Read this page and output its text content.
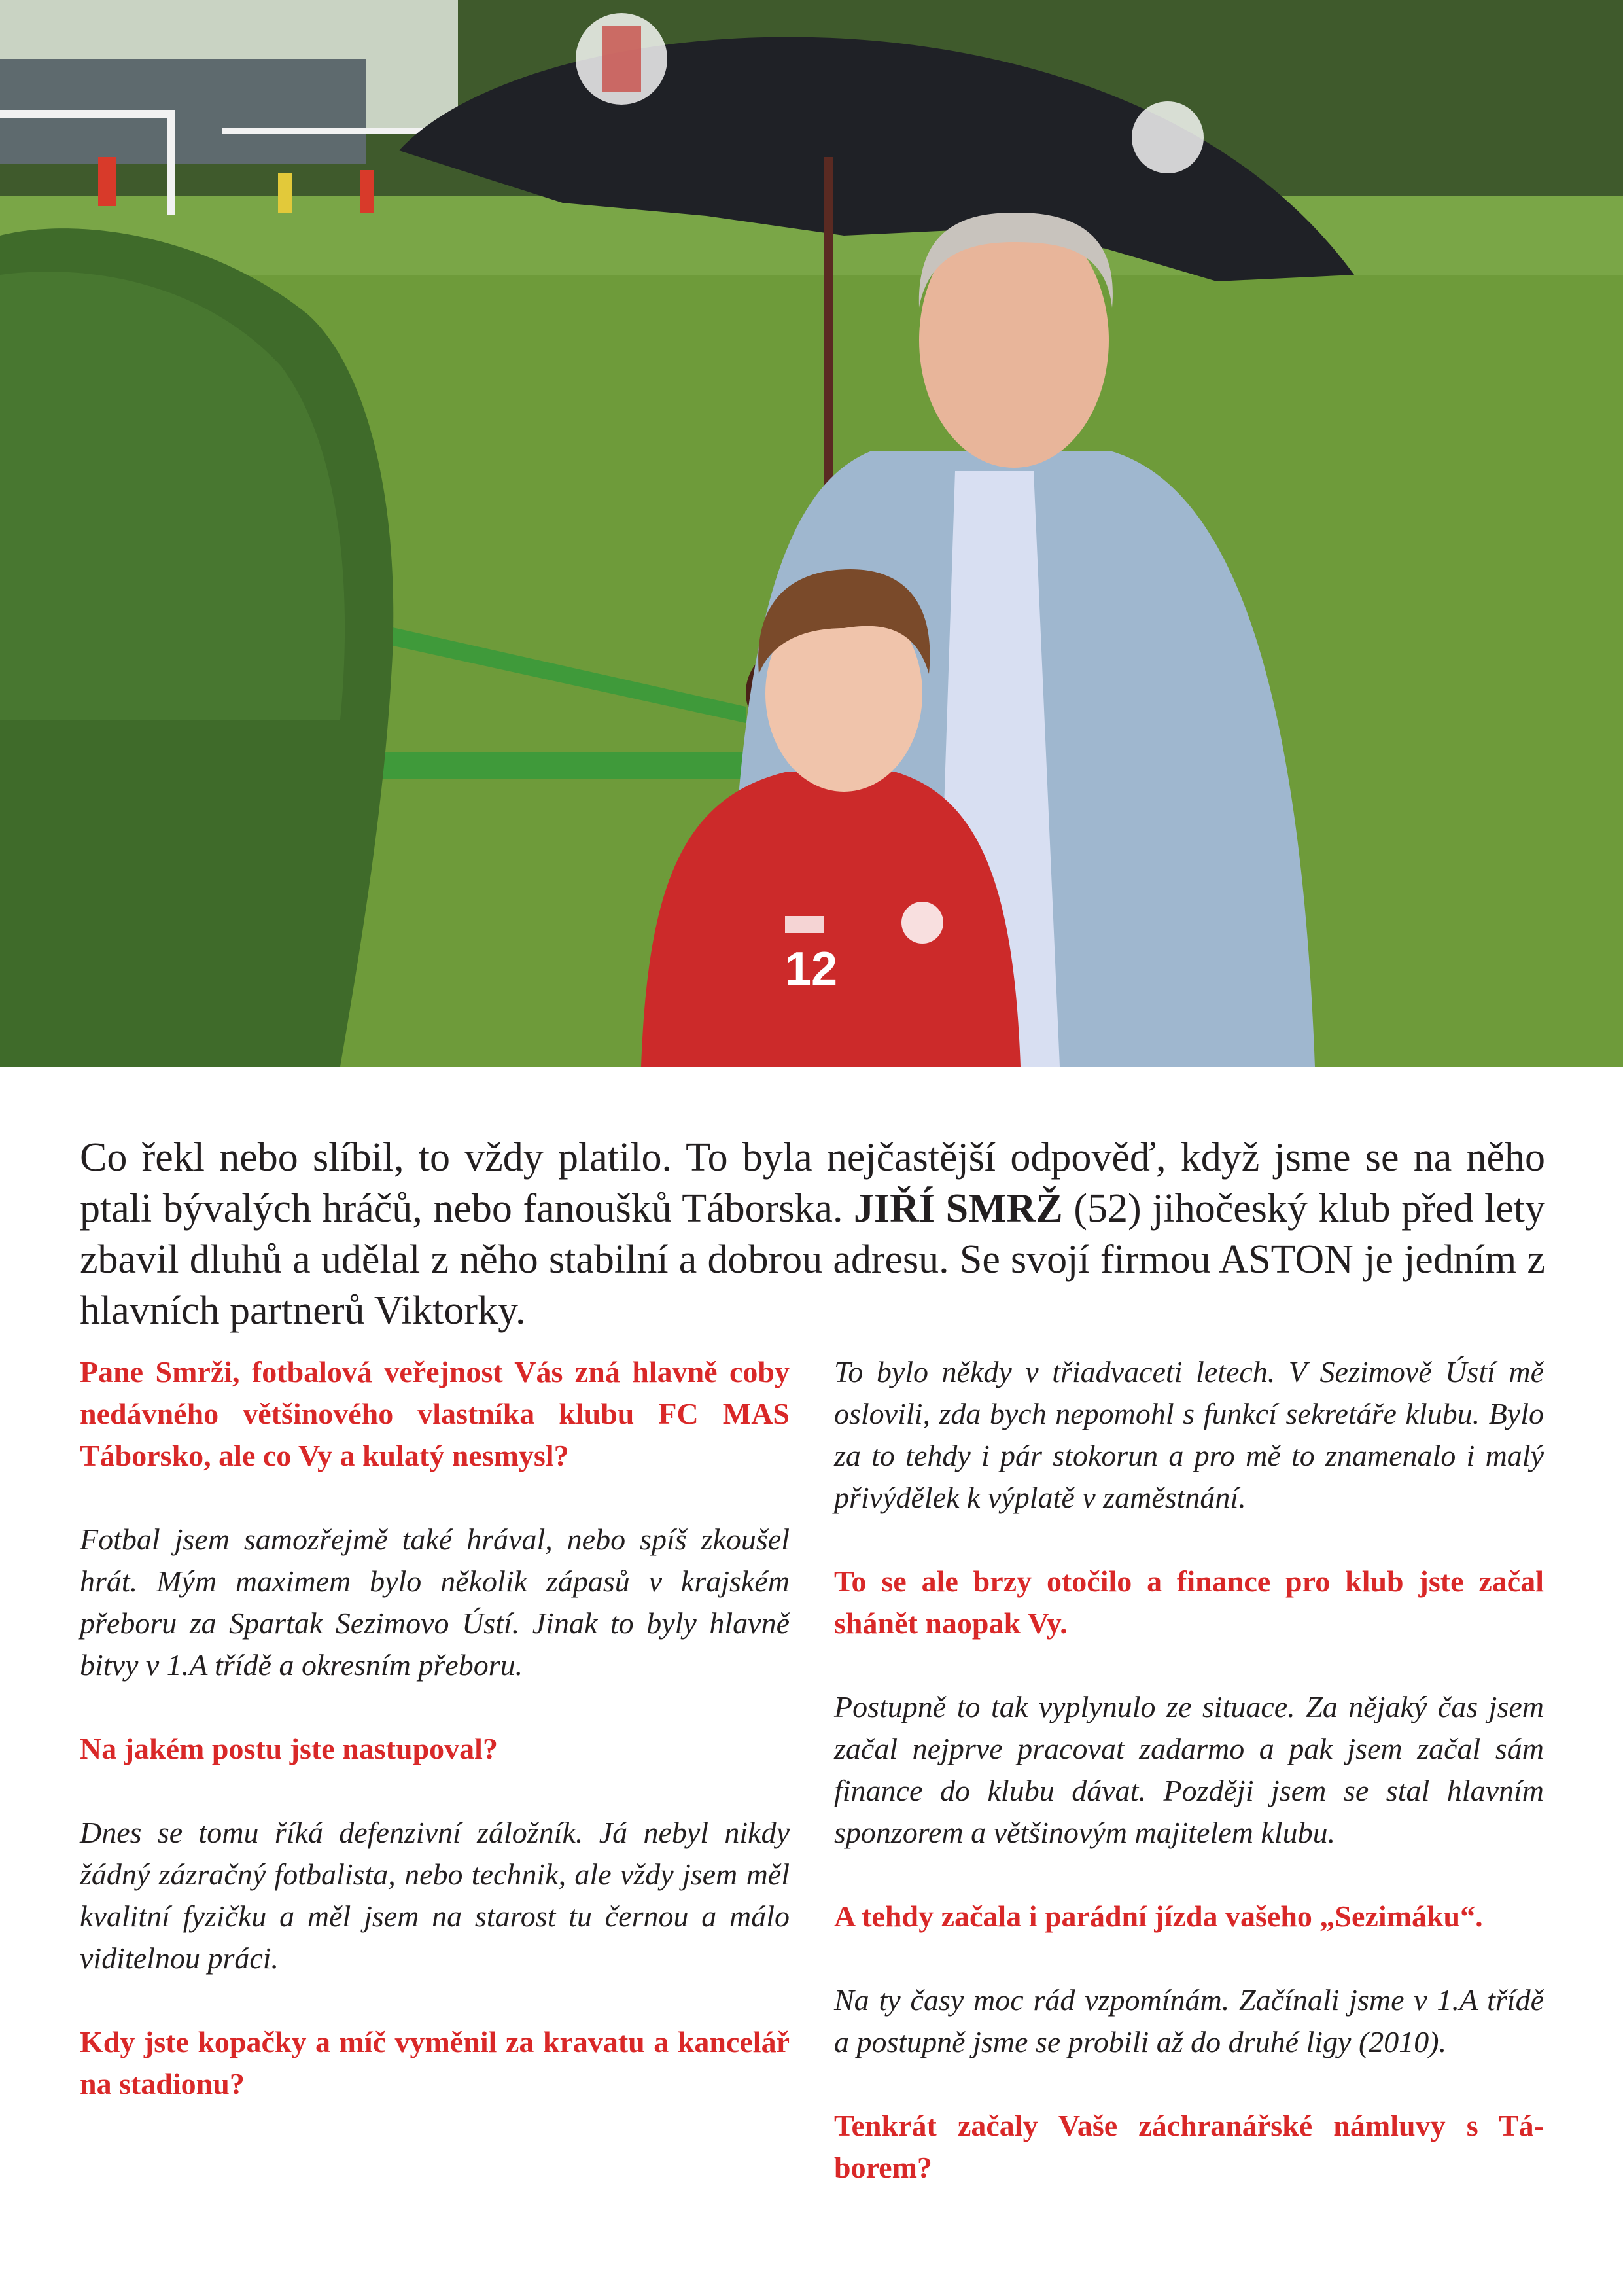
12

Co řekl nebo slíbil, to vždy platilo. To byla nejčastější odpověď, když jsme se na něho ptali bývalých hráčů, nebo fanoušků Táborska. JIŘÍ SMRŽ (52) jihočeský klub před lety zbavil dluhů a udělal z něho stabilní a dobrou adresu. Se svojí firmou ASTON je jedním z hlavních partnerů Viktorky.

Pane Smrži, fotbalová veřejnost Vás zná hlavně coby nedávného většinového vlastníka klubu FC MAS Táborsko, ale co Vy a kulatý nesmysl?

Fotbal jsem samozřejmě také hrával, nebo spíš zkoušel hrát. Mým maximem bylo několik zápasů v krajském přeboru za Spartak Sezimovo Ústí. Jinak to byly hlavně bitvy v 1.A třídě a okresním přeboru.

Na jakém postu jste nastupoval?

Dnes se tomu říká defenzivní záložník. Já nebyl nikdy žádný zázračný fotbalista, nebo technik, ale vždy jsem měl kvalitní fyzičku a měl jsem na starost tu černou a málo viditelnou práci.

Kdy jste kopačky a míč vyměnil za kravatu a kancelář na stadionu?

To bylo někdy v třiadvaceti letech. V Sezimově Ústí mě oslovili, zda bych nepomohl s funkcí sekretáře klubu. Bylo za to tehdy i pár stokorun a pro mě to znamenalo i malý přivýdělek k výplatě v zaměstnání.

To se ale brzy otočilo a finance pro klub jste začal shánět naopak Vy.

Postupně to tak vyplynulo ze situace. Za nějaký čas jsem začal nejprve pracovat zadarmo a pak jsem začal sám finance do klubu dávat. Později jsem se stal hlavním sponzorem a většinovým majitelem klubu.

A tehdy začala i parádní jízda vašeho „Sezimáku“.

Na ty časy moc rád vzpomínám. Začínali jsme v 1.A třídě a postupně jsme se probili až do druhé ligy (2010).

Tenkrát začaly Vaše záchranářské námluvy s Táborem?
